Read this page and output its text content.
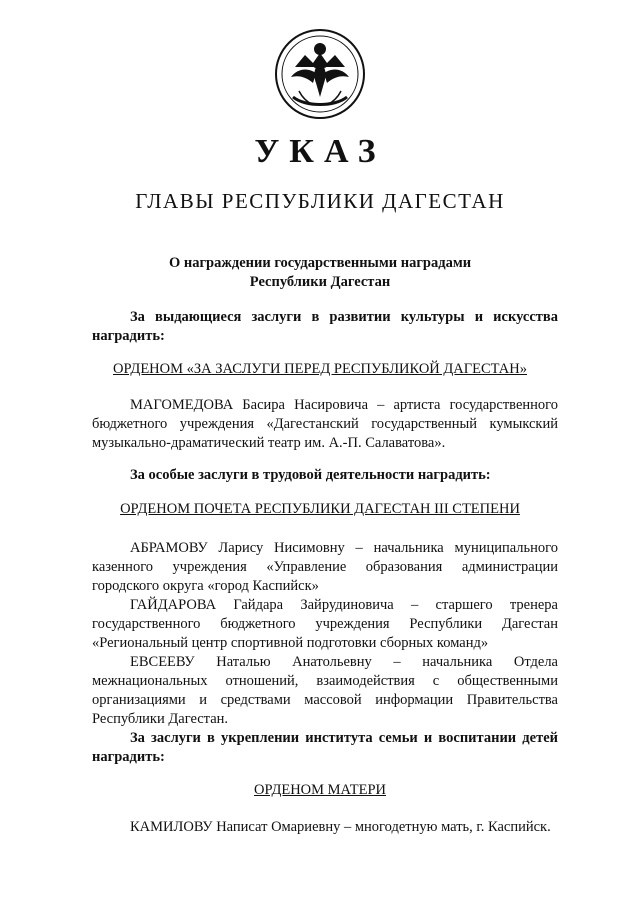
УКАЗ
ГЛАВЫ РЕСПУБЛИКИ ДАГЕСТАН
О награждении государственными наградами
Республики Дагестан
За выдающиеся заслуги в развитии культуры и искусства наградить:
ОРДЕНОМ «ЗА ЗАСЛУГИ ПЕРЕД РЕСПУБЛИКОЙ ДАГЕСТАН»
МАГОМЕДОВА Басира Насировича – артиста государственного бюджетного учреждения «Дагестанский государственный кумыкский музыкально-драматический театр им. А.-П. Салаватова».
За особые заслуги в трудовой деятельности наградить:
ОРДЕНОМ ПОЧЕТА РЕСПУБЛИКИ ДАГЕСТАН III СТЕПЕНИ

АБРАМОВУ Ларису Нисимовну – начальника муниципального казенного учреждения «Управление образования администрации городского округа «город Каспийск»

ГАЙДАРОВА Гайдара Зайрудиновича – старшего тренера государственного бюджетного учреждения Республики Дагестан «Региональный центр спортивной подготовки сборных команд»

ЕВСЕЕВУ Наталью Анатольевну – начальника Отдела межнациональных отношений, взаимодействия с общественными организациями и средствами массовой информации Правительства Республики Дагестан.

За заслуги в укреплении института семьи и воспитании детей наградить:
ОРДЕНОМ МАТЕРИ
КАМИЛОВУ Написат Омариевну – многодетную мать, г. Каспийск.
